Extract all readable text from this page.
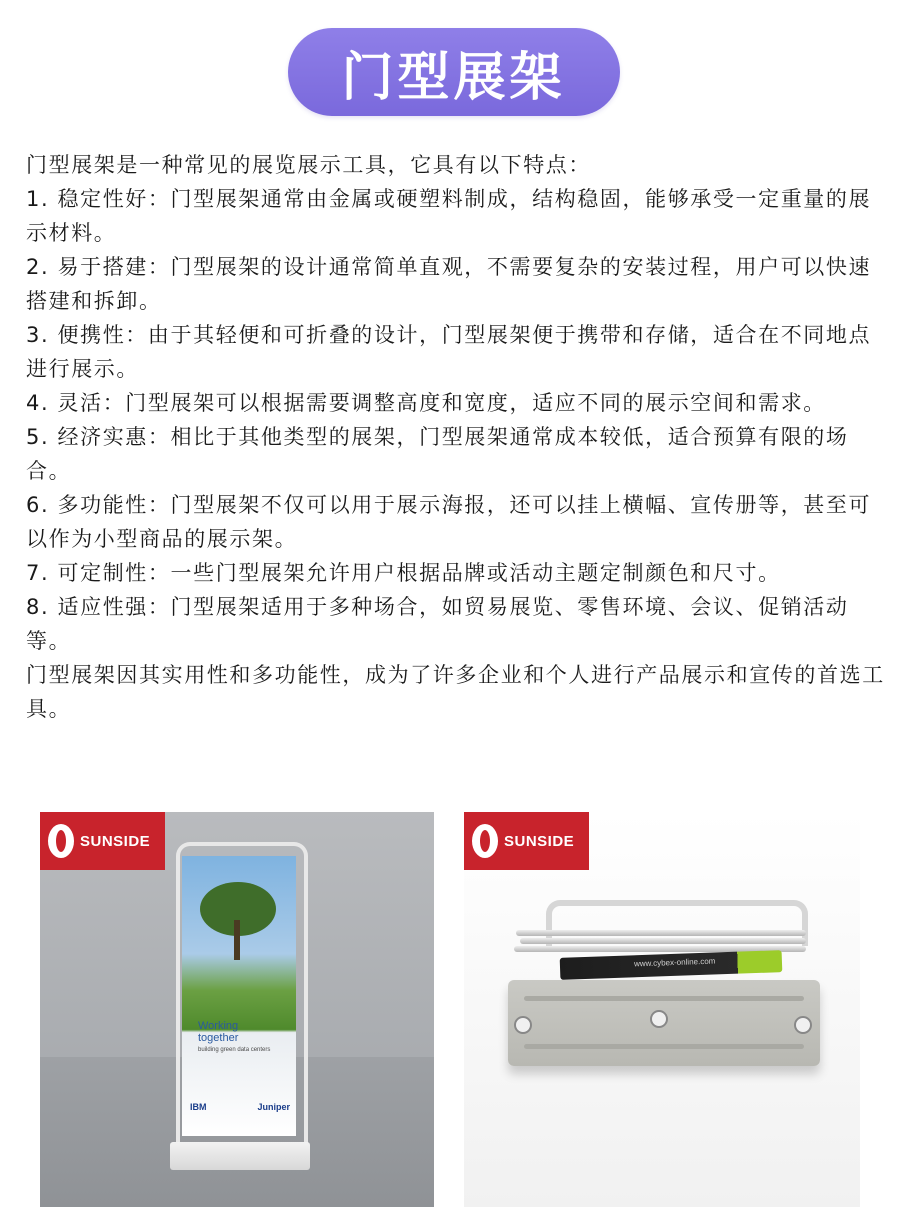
门型展架

门型展架是一种常见的展览展示工具，它具有以下特点：

1. 稳定性好：门型展架通常由金属或硬塑料制成，结构稳固，能够承受一定重量的展示材料。

2. 易于搭建：门型展架的设计通常简单直观，不需要复杂的安装过程，用户可以快速搭建和拆卸。

3. 便携性：由于其轻便和可折叠的设计，门型展架便于携带和存储，适合在不同地点进行展示。

4. 灵活：门型展架可以根据需要调整高度和宽度，适应不同的展示空间和需求。

5. 经济实惠：相比于其他类型的展架，门型展架通常成本较低，适合预算有限的场合。

6. 多功能性：门型展架不仅可以用于展示海报，还可以挂上横幅、宣传册等，甚至可以作为小型商品的展示架。

7. 可定制性：一些门型展架允许用户根据品牌或活动主题定制颜色和尺寸。

8. 适应性强：门型展架适用于多种场合，如贸易展览、零售环境、会议、促销活动等。

门型展架因其实用性和多功能性，成为了许多企业和个人进行产品展示和宣传的首选工具。

Working
together
building green data centers
IBM	Juniper
SUNSIDE
www.cybex-online.com
SUNSIDE
